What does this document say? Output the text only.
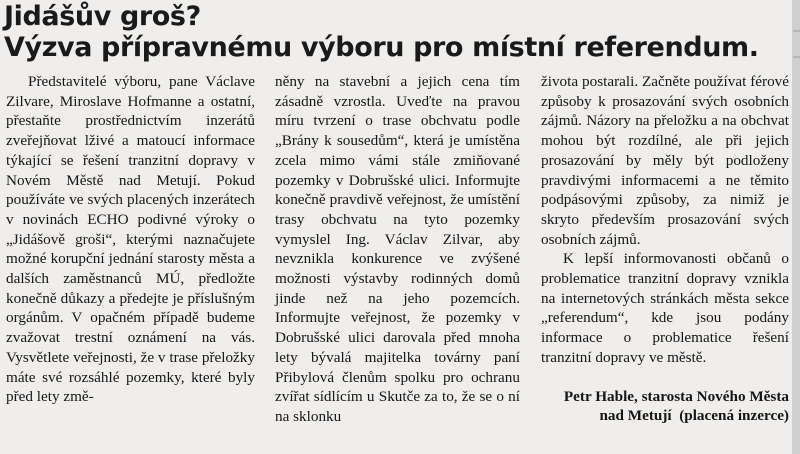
Jidášův groš?
Výzva přípravnému výboru pro místní referendum.

Představitelé výboru, pane Václave Zilvare, Miroslave Hofmanne a ostatní, přestaňte prostřednictvím inzerátů zveřejňovat lživé a matoucí informace týkající se řešení tranzitní dopravy v Novém Městě nad Metují. Pokud používáte ve svých placených inzerátech v novinách ECHO podivné výroky o „Jidášově groši“, kterými naznačujete možné korupční jednání starosty města a dalších zaměstnanců MÚ, předložte konečně důkazy a předejte je příslušným orgánům. V opačném případě budeme zvažovat trestní oznámení na vás. Vysvětlete veřejnosti, že v trase přeložky máte své rozsáhlé pozemky, které byly před lety změ-

něny na stavební a jejich cena tím zásadně vzrostla. Uveďte na pravou míru tvrzení o trase obchvatu podle „Brány k sousedům“, která je umístěna zcela mimo vámi stále zmiňované pozemky v Dobrušské ulici. Informujte konečně pravdivě veřejnost, že umístění trasy obchvatu na tyto pozemky vymyslel Ing. Václav Zilvar, aby nevznikla konkurence ve zvýšené možnosti výstavby rodinných domů jinde než na jeho pozemcích. Informujte veřejnost, že pozemky v Dobrušské ulici darovala před mnoha lety bývalá majitelka továrny paní Přibylová členům spolku pro ochranu zvířat sídlícím u Skutče za to, že se o ní na sklonku

života postarali. Začněte používat férové způsoby k prosazování svých osobních zájmů. Názory na přeložku a na obchvat mohou být rozdílné, ale při jejich prosazování by měly být podloženy pravdivými informacemi a ne těmito podpásovými způsoby, za nimiž je skryto především prosazování svých osobních zájmů.

K lepší informovanosti občanů o problematice tranzitní dopravy vznikla na internetových stránkách města sekce „referendum“, kde jsou podány informace o problematice řešení tranzitní dopravy ve městě.

Petr Hable, starosta Nového Města
nad Metují (placená inzerce)
